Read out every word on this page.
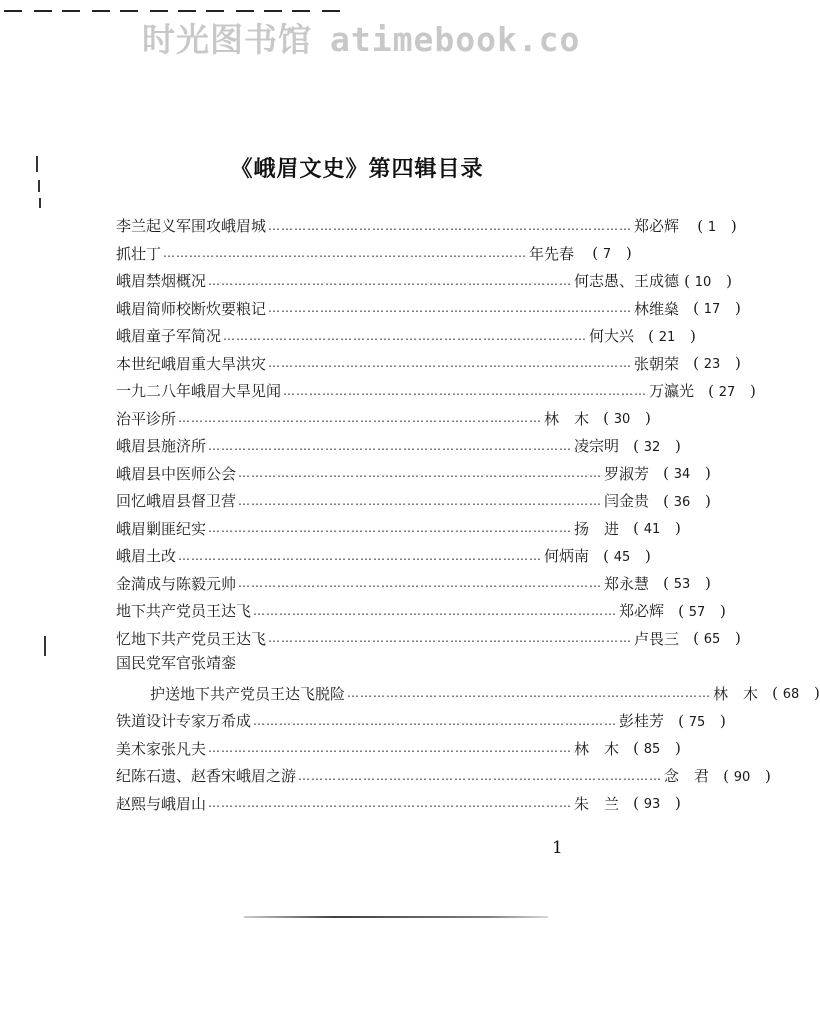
时光图书馆 atimebook.co
《峨眉文史》第四辑目录
李兰起义军围攻峨眉城 ………………………………………………………………………… 郑必辉	( 1 )
抓壮丁 ………………………………………………………………………… 年先春	( 7 )
峨眉禁烟概况 ………………………………………………………………………… 何志愚、王成德	( 10 )
峨眉简师校断炊要粮记 ………………………………………………………………………… 林维燊	( 17 )
峨眉童子军简况 ………………………………………………………………………… 何大兴	( 21 )
本世纪峨眉重大旱洪灾 ………………………………………………………………………… 张朝荣	( 23 )
一九二八年峨眉大旱见闻 ………………………………………………………………………… 万瀛光	( 27 )
治平诊所 ………………………………………………………………………… 林　木	( 30 )
峨眉县施济所 ………………………………………………………………………… 凌宗明	( 32 )
峨眉县中医师公会 ………………………………………………………………………… 罗淑芳	( 34 )
回忆峨眉县督卫营 ………………………………………………………………………… 闫金贵	( 36 )
峨眉剿匪纪实 ………………………………………………………………………… 扬　进	( 41 )
峨眉土改 ………………………………………………………………………… 何炳南	( 45 )
金満成与陈毅元帅 ………………………………………………………………………… 郑永慧	( 53 )
地下共产党员王达飞 ………………………………………………………………………… 郑必辉	( 57 )
忆地下共产党员王达飞 ………………………………………………………………………… 卢畏三	( 65 )
国民党军官张靖銮
护送地下共产党员王达飞脱险 ………………………………………………………………………… 林　木	( 68 )
铁道设计专家万希成 ………………………………………………………………………… 彭桂芳	( 75 )
美术家张凡夫 ………………………………………………………………………… 林　木	( 85 )
纪陈石遗、赵香宋峨眉之游 ………………………………………………………………………… 念　君	( 90 )
赵熙与峨眉山 ………………………………………………………………………… 朱　兰	( 93 )
1
